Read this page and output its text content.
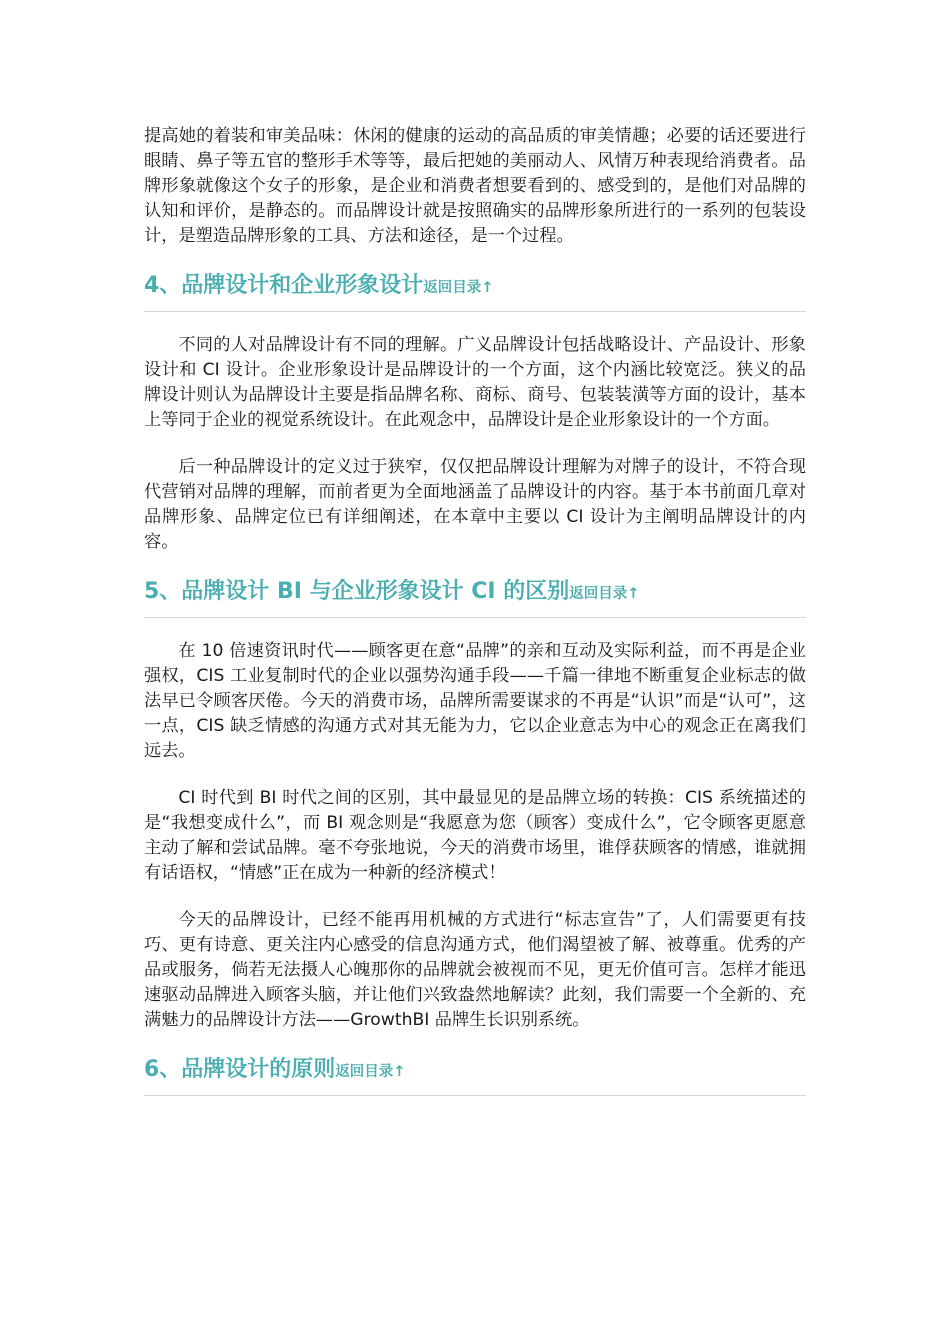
提高她的着装和审美品味：休闲的健康的运动的高品质的审美情趣；必要的话还要进行眼睛、鼻子等五官的整形手术等等，最后把她的美丽动人、风情万种表现给消费者。品牌形象就像这个女子的形象，是企业和消费者想要看到的、感受到的，是他们对品牌的认知和评价，是静态的。而品牌设计就是按照确实的品牌形象所进行的一系列的包装设计，是塑造品牌形象的工具、方法和途径，是一个过程。

4、品牌设计和企业形象设计返回目录↑

不同的人对品牌设计有不同的理解。广义品牌设计包括战略设计、产品设计、形象设计和 CI 设计。企业形象设计是品牌设计的一个方面，这个内涵比较宽泛。狭义的品牌设计则认为品牌设计主要是指品牌名称、商标、商号、包装装潢等方面的设计，基本上等同于企业的视觉系统设计。在此观念中，品牌设计是企业形象设计的一个方面。

后一种品牌设计的定义过于狭窄，仅仅把品牌设计理解为对牌子的设计，不符合现代营销对品牌的理解，而前者更为全面地涵盖了品牌设计的内容。基于本书前面几章对品牌形象、品牌定位已有详细阐述，在本章中主要以 CI 设计为主阐明品牌设计的内容。

5、品牌设计 BI 与企业形象设计 CI 的区别返回目录↑

在 10 倍速资讯时代——顾客更在意“品牌”的亲和互动及实际利益，而不再是企业强权，CIS 工业复制时代的企业以强势沟通手段——千篇一律地不断重复企业标志的做法早已令顾客厌倦。今天的消费市场，品牌所需要谋求的不再是“认识”而是“认可”，这一点，CIS 缺乏情感的沟通方式对其无能为力，它以企业意志为中心的观念正在离我们远去。

CI 时代到 BI 时代之间的区别，其中最显见的是品牌立场的转换：CIS 系统描述的是“我想变成什么”，而 BI 观念则是“我愿意为您（顾客）变成什么”，它令顾客更愿意主动了解和尝试品牌。毫不夸张地说，今天的消费市场里，谁俘获顾客的情感，谁就拥有话语权，“情感”正在成为一种新的经济模式！

今天的品牌设计，已经不能再用机械的方式进行“标志宣告”了，人们需要更有技巧、更有诗意、更关注内心感受的信息沟通方式，他们渴望被了解、被尊重。优秀的产品或服务，倘若无法摄人心魄那你的品牌就会被视而不见，更无价值可言。怎样才能迅速驱动品牌进入顾客头脑，并让他们兴致盎然地解读？此刻，我们需要一个全新的、充满魅力的品牌设计方法——GrowthBI 品牌生长识别系统。

6、品牌设计的原则返回目录↑
